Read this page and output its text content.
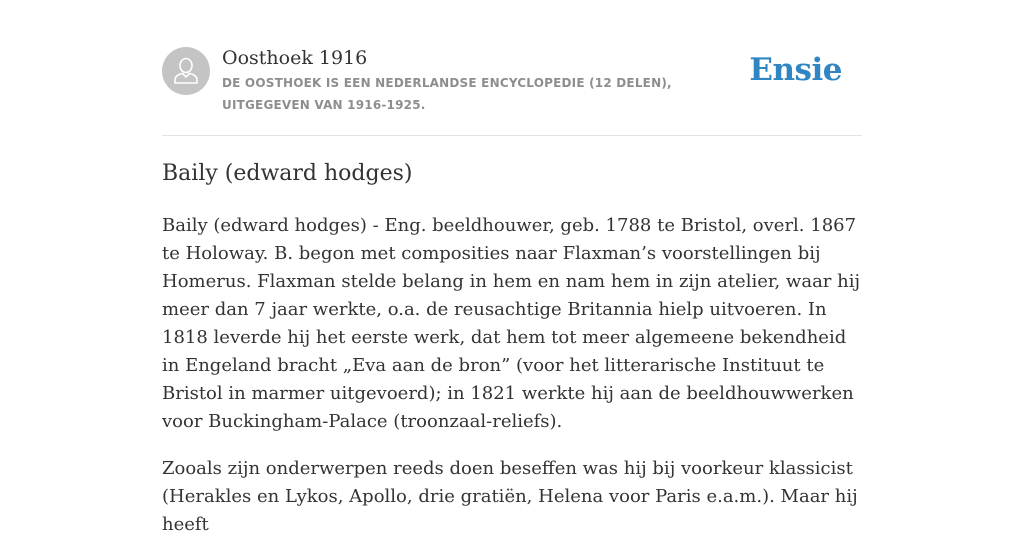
Oosthoek 1916
DE OOSTHOEK IS EEN NEDERLANDSE ENCYCLOPEDIE (12 DELEN), UITGEGEVEN VAN 1916-1925.
Ensie
Baily (edward hodges)

Baily (edward hodges) - Eng. beeldhouwer, geb. 1788 te Bristol, overl. 1867 te Holoway. B. begon met composities naar Flaxman’s voorstellingen bij Homerus. Flaxman stelde belang in hem en nam hem in zijn atelier, waar hij meer dan 7 jaar werkte, o.a. de reusachtige Britannia hielp uitvoeren. In 1818 leverde hij het eerste werk, dat hem tot meer algemeene bekendheid in Engeland bracht „Eva aan de bron” (voor het litterarische Instituut te Bristol in marmer uitgevoerd); in 1821 werkte hij aan de beeldhouwwerken voor Buckingham-Palace (troonzaal-reliefs).

Zooals zijn onderwerpen reeds doen beseffen was hij bij voorkeur klassicist (Herakles en Lykos, Apollo, drie gratiën, Helena voor Paris e.a.m.). Maar hij heeft
